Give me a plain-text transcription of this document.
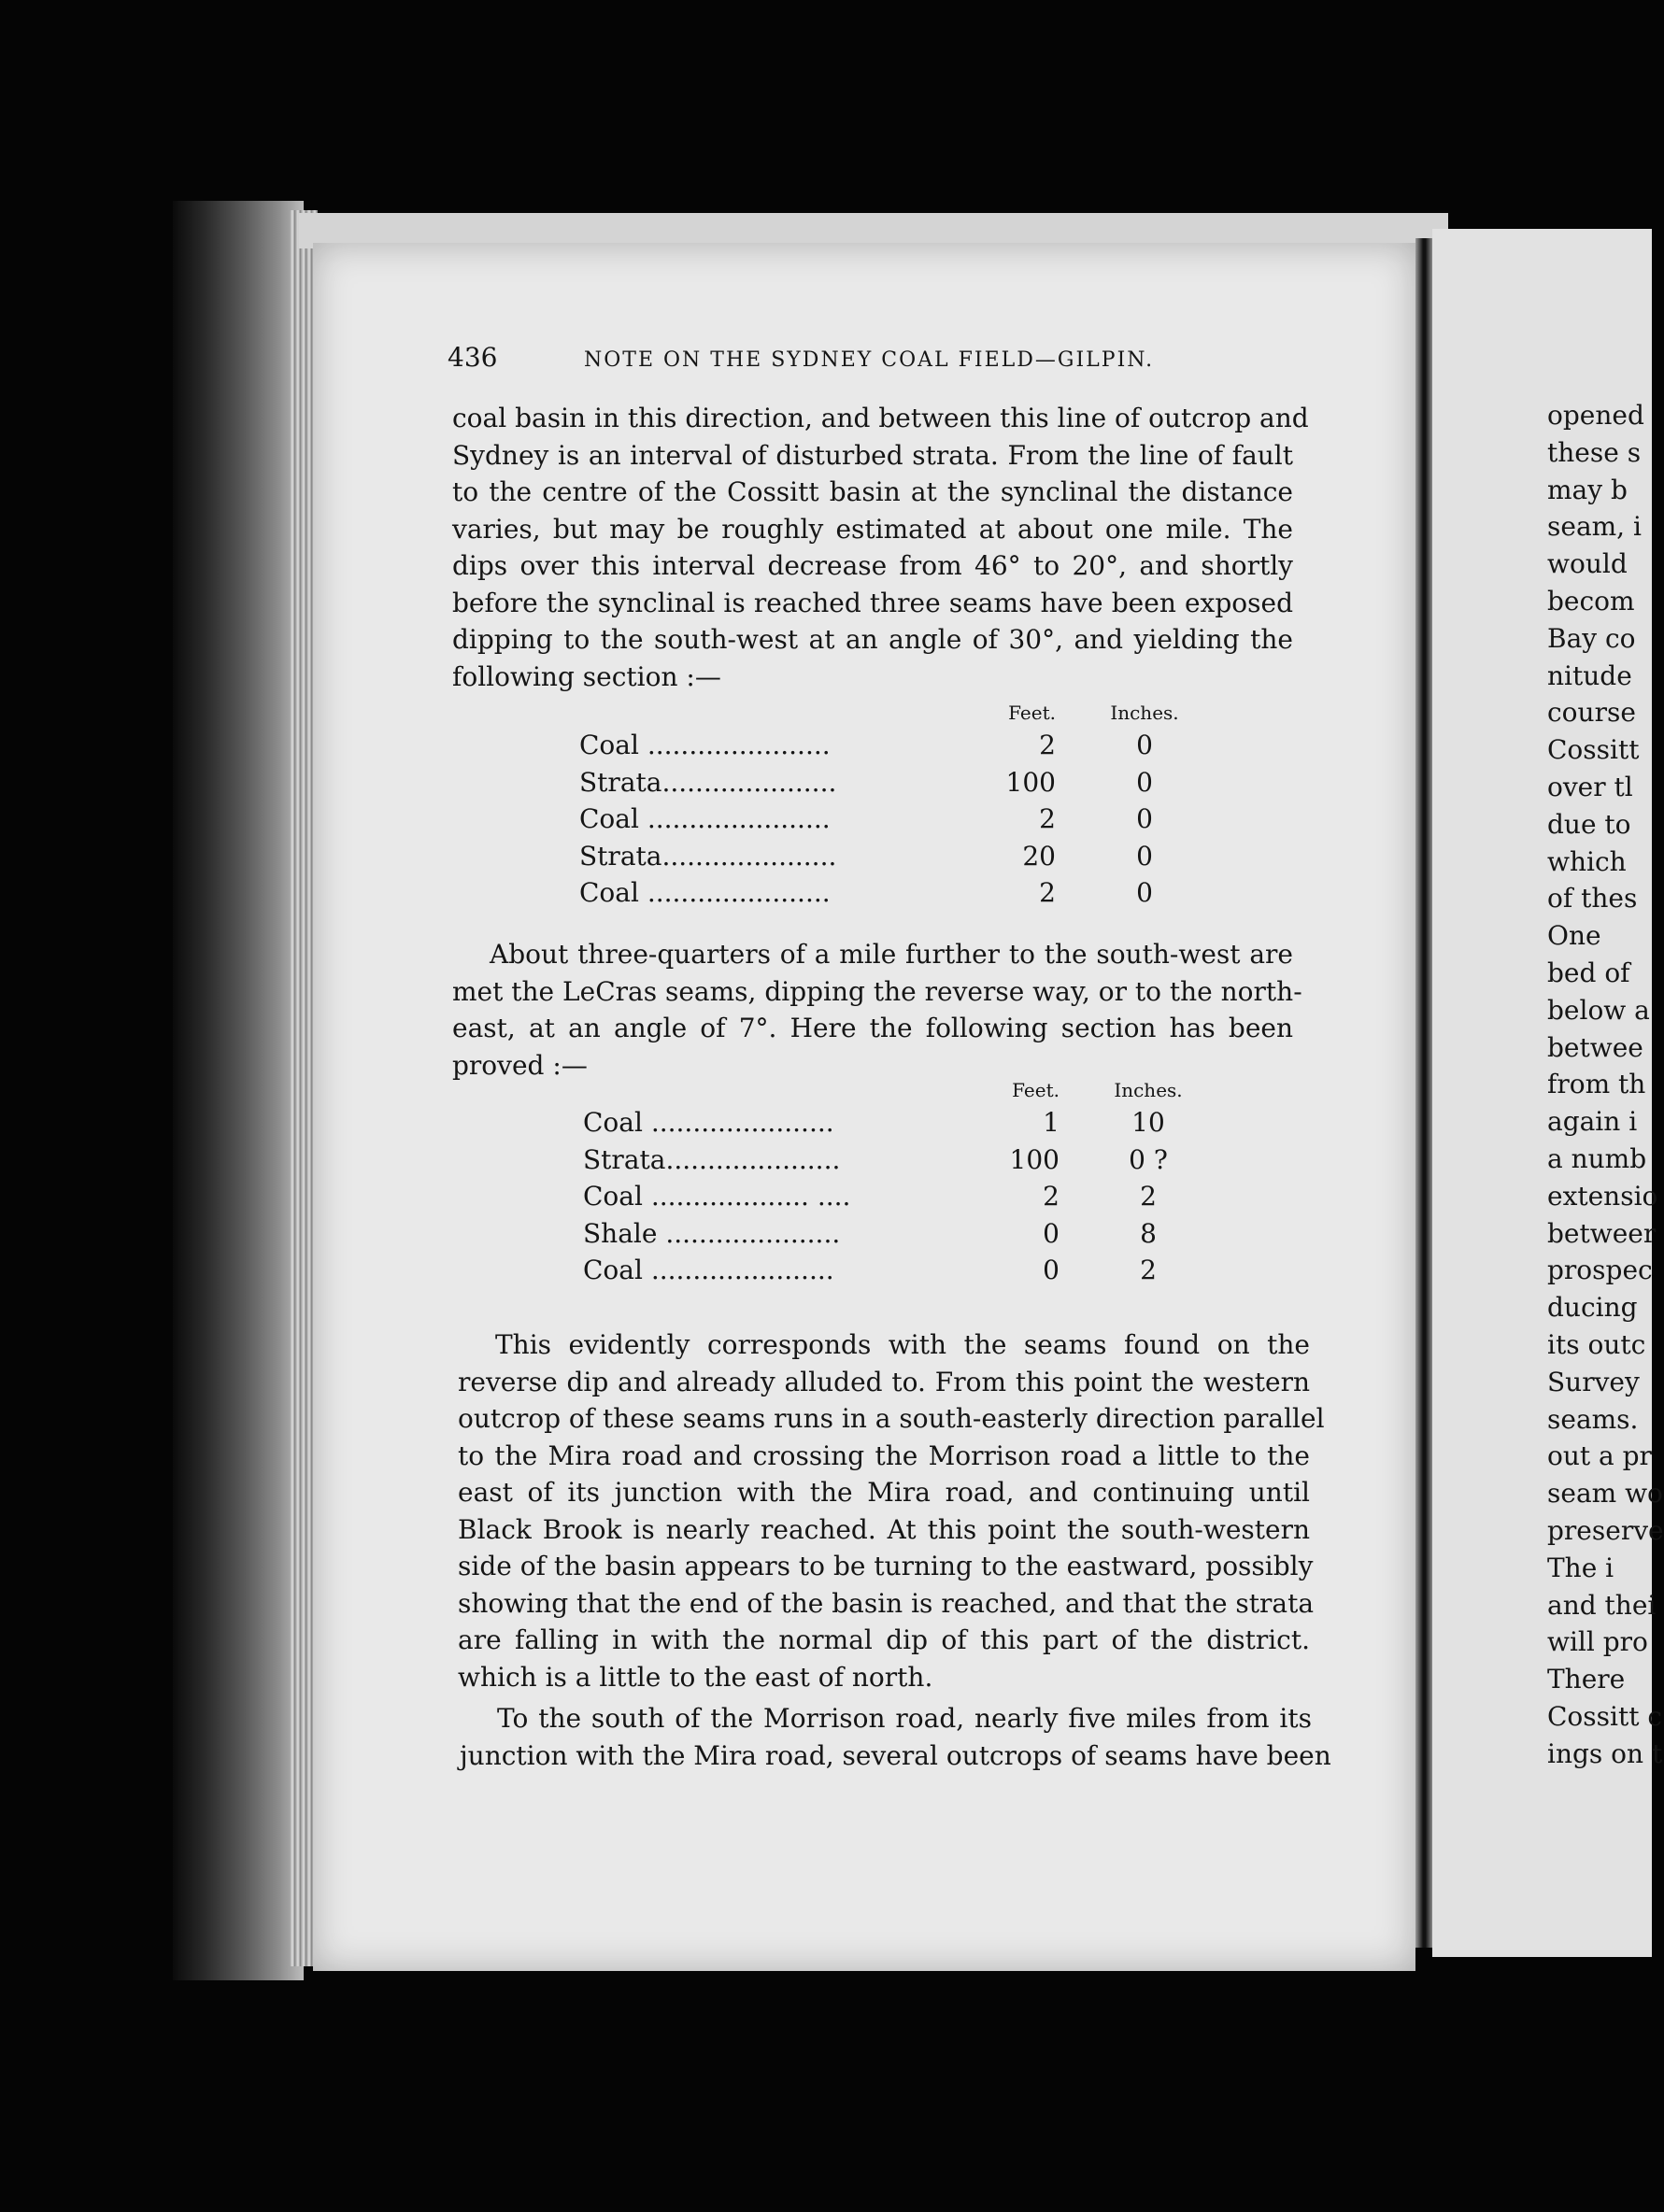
436	NOTE ON THE SYDNEY COAL FIELD—GILPIN.
coal basin in this direction, and between this line of outcrop and
Sydney is an interval of disturbed strata. From the line of fault
to the centre of the Cossitt basin at the synclinal the distance
varies, but may be roughly estimated at about one mile. The
dips over this interval decrease from 46° to 20°, and shortly
before the synclinal is reached three seams have been exposed
dipping to the south-west at an angle of 30°, and yielding the
following section :—
	Feet.	Inches.
Coal ......................	2	0
Strata.....................	100	0
Coal ......................	2	0
Strata.....................	20	0
Coal ......................	2	0
About three-quarters of a mile further to the south-west are
met the LeCras seams, dipping the reverse way, or to the north-
east, at an angle of 7°. Here the following section has been
proved :—
	Feet.	Inches.
Coal ......................	1	10
Strata.....................	100	0 ?
Coal ................... ....	2	2
Shale .....................	0	8
Coal ......................	0	2
This evidently corresponds with the seams found on the
reverse dip and already alluded to. From this point the western
outcrop of these seams runs in a south-easterly direction parallel
to the Mira road and crossing the Morrison road a little to the
east of its junction with the Mira road, and continuing until
Black Brook is nearly reached. At this point the south-western
side of the basin appears to be turning to the eastward, possibly
showing that the end of the basin is reached, and that the strata
are falling in with the normal dip of this part of the district.
which is a little to the east of north.
To the south of the Morrison road, nearly five miles from its
junction with the Mira road, several outcrops of seams have been
opened
these s
may b
seam, i
would
becom
Bay co
nitude
course
Cossitt
over tl
due to
which
of thes
One
bed of
below a
betwee
from th
again i
a numb
extensio
betweer
prospec
ducing
its outc
Survey
seams.
out a pr
seam wo
preserve
The i
and thei
will pro
There
Cossitt c
ings on t
